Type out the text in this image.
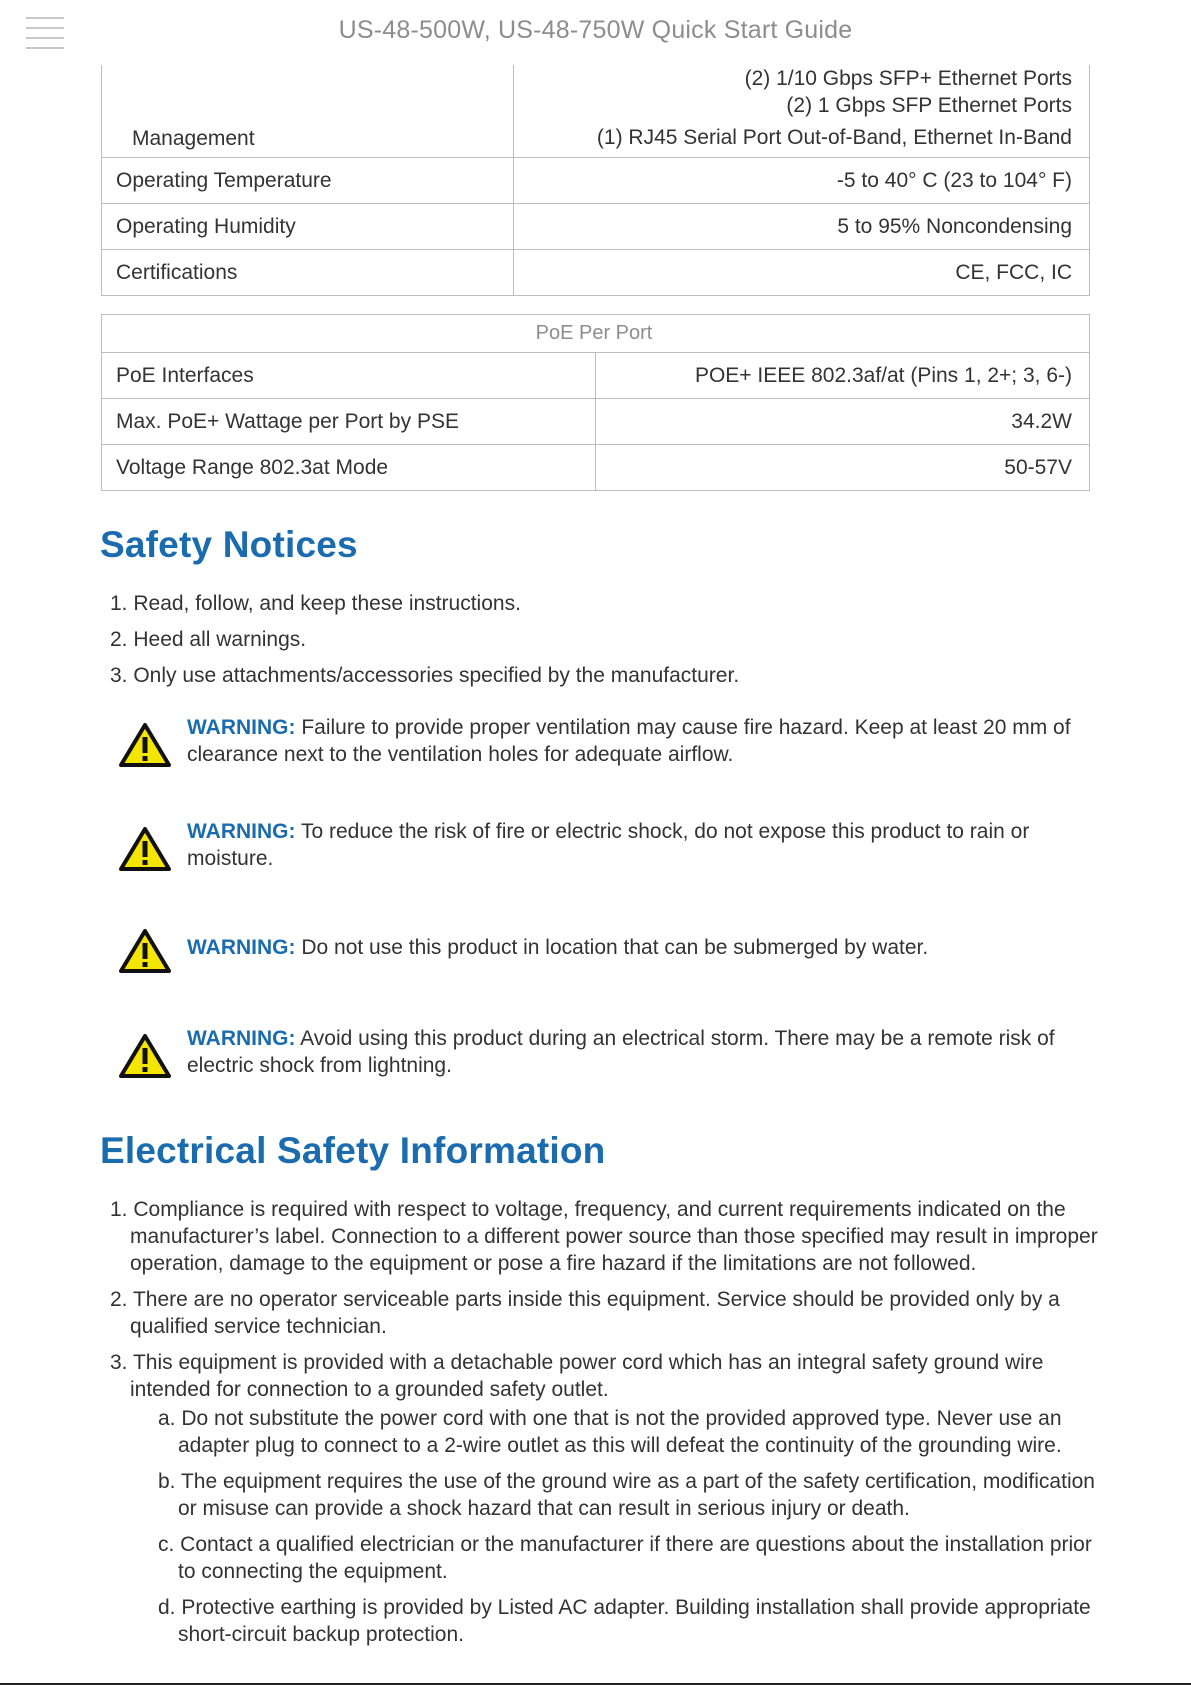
US-48-500W, US-48-750W Quick Start Guide
Management	(2) 1/10 Gbps SFP+ Ethernet Ports
(2) 1 Gbps SFP Ethernet Ports
(1) RJ45 Serial Port Out-of-Band, Ethernet In-Band

Operating Temperature	-5 to 40° C (23 to 104° F)
Operating Humidity	5 to 95% Noncondensing
Certifications	CE, FCC, IC
PoE Per Port	
PoE Interfaces	POE+ IEEE 802.3af/at (Pins 1, 2+; 3, 6-)
Max. PoE+ Wattage per Port by PSE	34.2W
Voltage Range 802.3at Mode	50-57V
Safety Notices
1. Read, follow, and keep these instructions.
2. Heed all warnings.
3. Only use attachments/accessories specified by the manufacturer.
WARNING: Failure to provide proper ventilation may cause fire hazard. Keep at least 20 mm of clearance next to the ventilation holes for adequate airflow.
WARNING: To reduce the risk of fire or electric shock, do not expose this product to rain or moisture.
WARNING: Do not use this product in location that can be submerged by water.
WARNING: Avoid using this product during an electrical storm. There may be a remote risk of electric shock from lightning.
Electrical Safety Information
1. Compliance is required with respect to voltage, frequency, and current requirements indicated on the manufacturer’s label. Connection to a different power source than those specified may result in improper operation, damage to the equipment or pose a fire hazard if the limitations are not followed.
2. There are no operator serviceable parts inside this equipment. Service should be provided only by a qualified service technician.
3. This equipment is provided with a detachable power cord which has an integral safety ground wire intended for connection to a grounded safety outlet.
a. Do not substitute the power cord with one that is not the provided approved type. Never use an adapter plug to connect to a 2-wire outlet as this will defeat the continuity of the grounding wire.
b. The equipment requires the use of the ground wire as a part of the safety certification, modification or misuse can provide a shock hazard that can result in serious injury or death.
c. Contact a qualified electrician or the manufacturer if there are questions about the installation prior to connecting the equipment.
d. Protective earthing is provided by Listed AC adapter. Building installation shall provide appropriate short-circuit backup protection.
